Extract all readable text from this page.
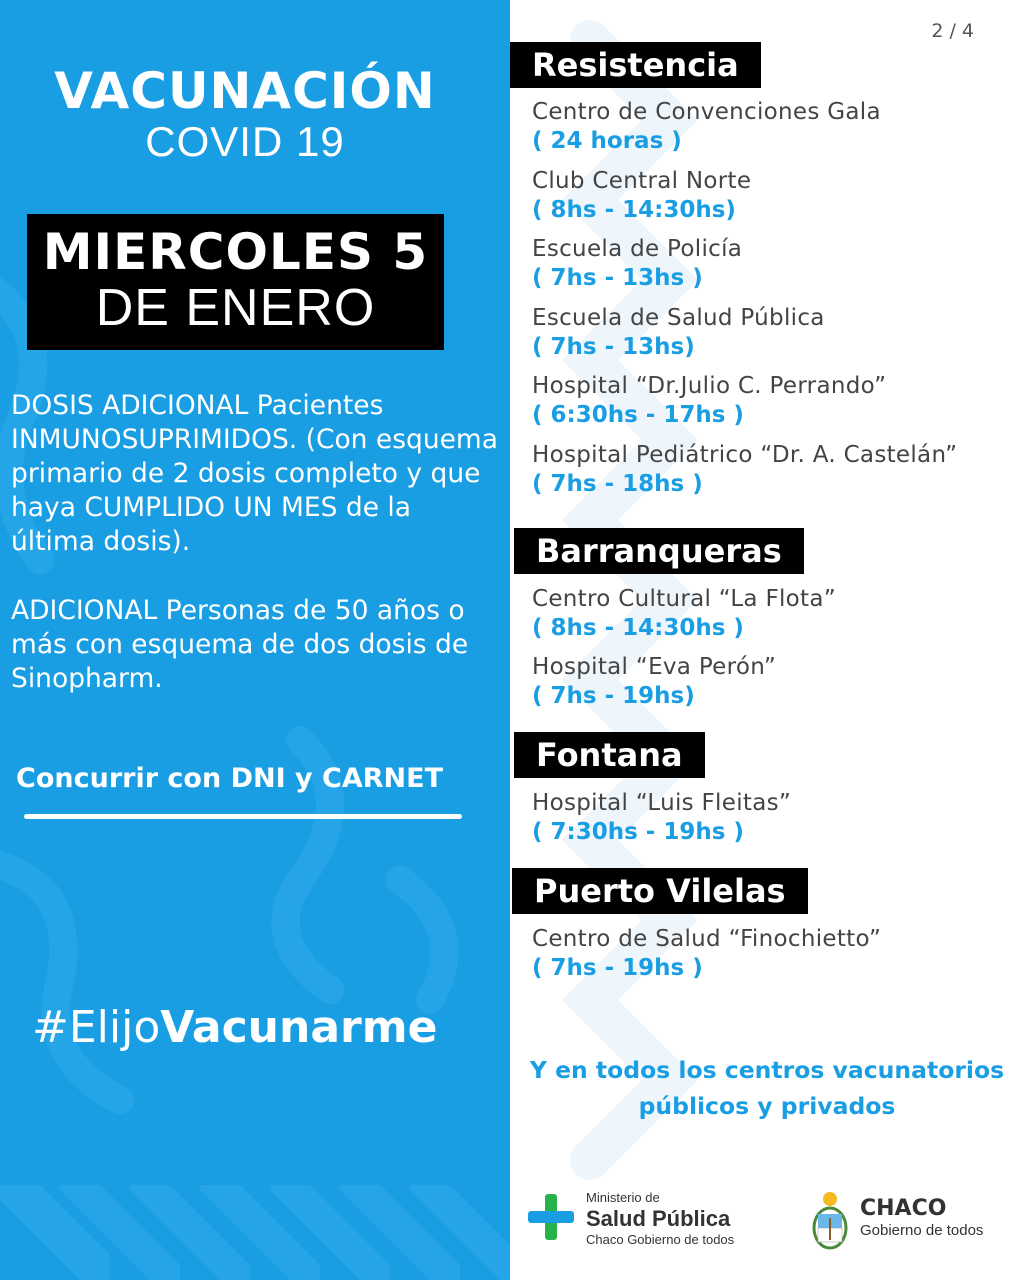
VACUNACIÓN
COVID 19
MIERCOLES 5
DE ENERO
DOSIS ADICIONAL Pacientes INMUNOSUPRIMIDOS. (Con esquema primario de 2 dosis completo y que haya CUMPLIDO UN MES de la última dosis).
ADICIONAL Personas de 50 años o más con esquema de dos dosis de Sinopharm.
Concurrir con DNI y CARNET
#ElijoVacunarme
2 / 4
Resistencia
Centro de Convenciones Gala
( 24 horas )
Club Central Norte
( 8hs - 14:30hs)
Escuela de Policía
( 7hs - 13hs )
Escuela de Salud Pública
( 7hs - 13hs)
Hospital “Dr.Julio C. Perrando”
( 6:30hs - 17hs )
Hospital Pediátrico “Dr. A. Castelán”
( 7hs - 18hs )
Barranqueras
Centro Cultural “La Flota”
( 8hs - 14:30hs )
Hospital “Eva Perón”
( 7hs - 19hs)
Fontana
Hospital “Luis Fleitas”
( 7:30hs - 19hs )
Puerto Vilelas
Centro de Salud “Finochietto”
( 7hs - 19hs )
Y en todos los centros vacunatorios
públicos y privados
Ministerio de
Salud Pública
Chaco Gobierno de todos
CHACO
Gobierno de todos
